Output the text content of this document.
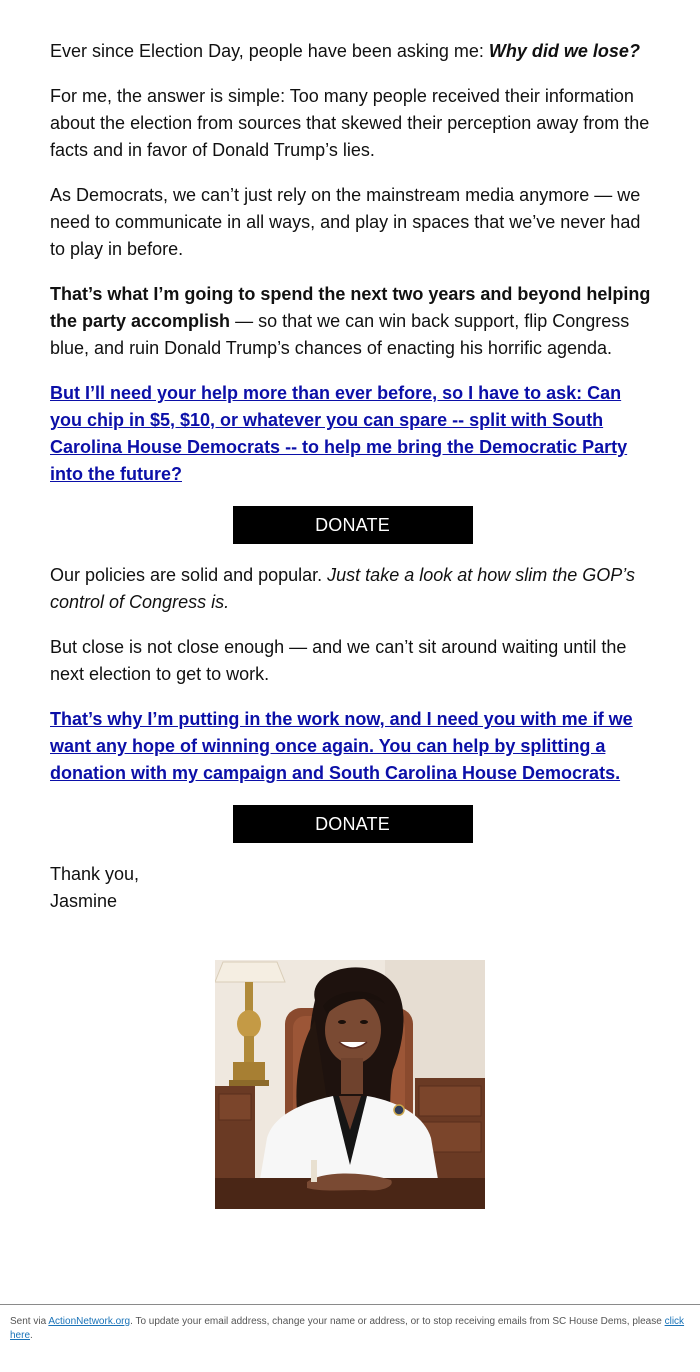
Ever since Election Day, people have been asking me: Why did we lose?

For me, the answer is simple: Too many people received their information about the election from sources that skewed their perception away from the facts and in favor of Donald Trump’s lies.

As Democrats, we can’t just rely on the mainstream media anymore — we need to communicate in all ways, and play in spaces that we’ve never had to play in before.

That’s what I’m going to spend the next two years and beyond helping the party accomplish — so that we can win back support, flip Congress blue, and ruin Donald Trump’s chances of enacting his horrific agenda.

But I’ll need your help more than ever before, so I have to ask: Can you chip in $5, $10, or whatever you can spare -- split with South Carolina House Democrats -- to help me bring the Democratic Party into the future?

DONATE

Our policies are solid and popular. Just take a look at how slim the GOP’s control of Congress is.

But close is not close enough — and we can’t sit around waiting until the next election to get to work.

That’s why I’m putting in the work now, and I need you with me if we want any hope of winning once again. You can help by splitting a donation with my campaign and South Carolina House Democrats.

DONATE

Thank you,
Jasmine

Sent via ActionNetwork.org. To update your email address, change your name or address, or to stop receiving emails from SC House Dems, please click here.
